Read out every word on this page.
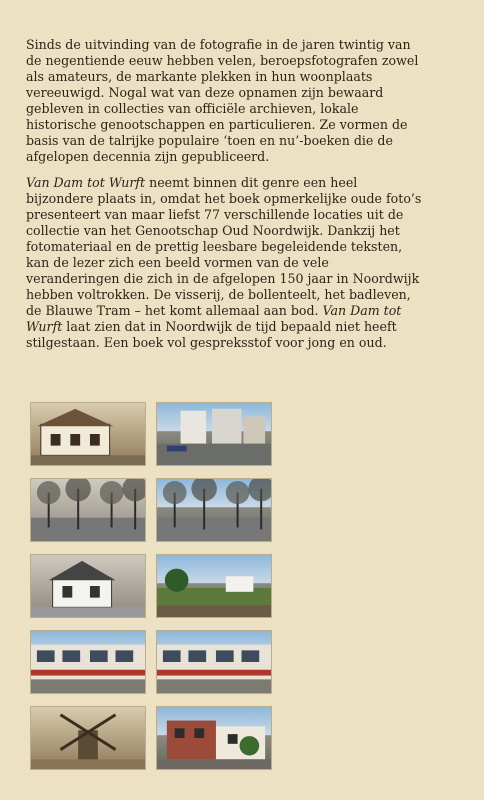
Sinds de uitvinding van de fotografie in de jaren twintig van de negentiende eeuw hebben velen, beroepsfotografen zowel als amateurs, de markante plekken in hun woonplaats vereeuwigd. Nogal wat van deze opnamen zijn bewaard gebleven in collecties van officiële archieven, lokale historische genootschappen en particulieren. Ze vormen de basis van de talrijke populaire ‘toen en nu’-boeken die de afgelopen decennia zijn gepubliceerd.

Van Dam tot Wurft neemt binnen dit genre een heel bijzondere plaats in, omdat het boek opmerkelijke oude foto’s presenteert van maar liefst 77 verschillende locaties uit de collectie van het Genootschap Oud Noordwijk. Dankzij het fotomateriaal en de prettig leesbare begeleidende teksten, kan de lezer zich een beeld vormen van de vele veranderingen die zich in de afgelopen 150 jaar in Noordwijk hebben voltrokken. De visserij, de bollenteelt, het badleven, de Blauwe Tram – het komt allemaal aan bod. Van Dam tot Wurft laat zien dat in Noordwijk de tijd bepaald niet heeft stilgestaan. Een boek vol gespreksstof voor jong en oud.
